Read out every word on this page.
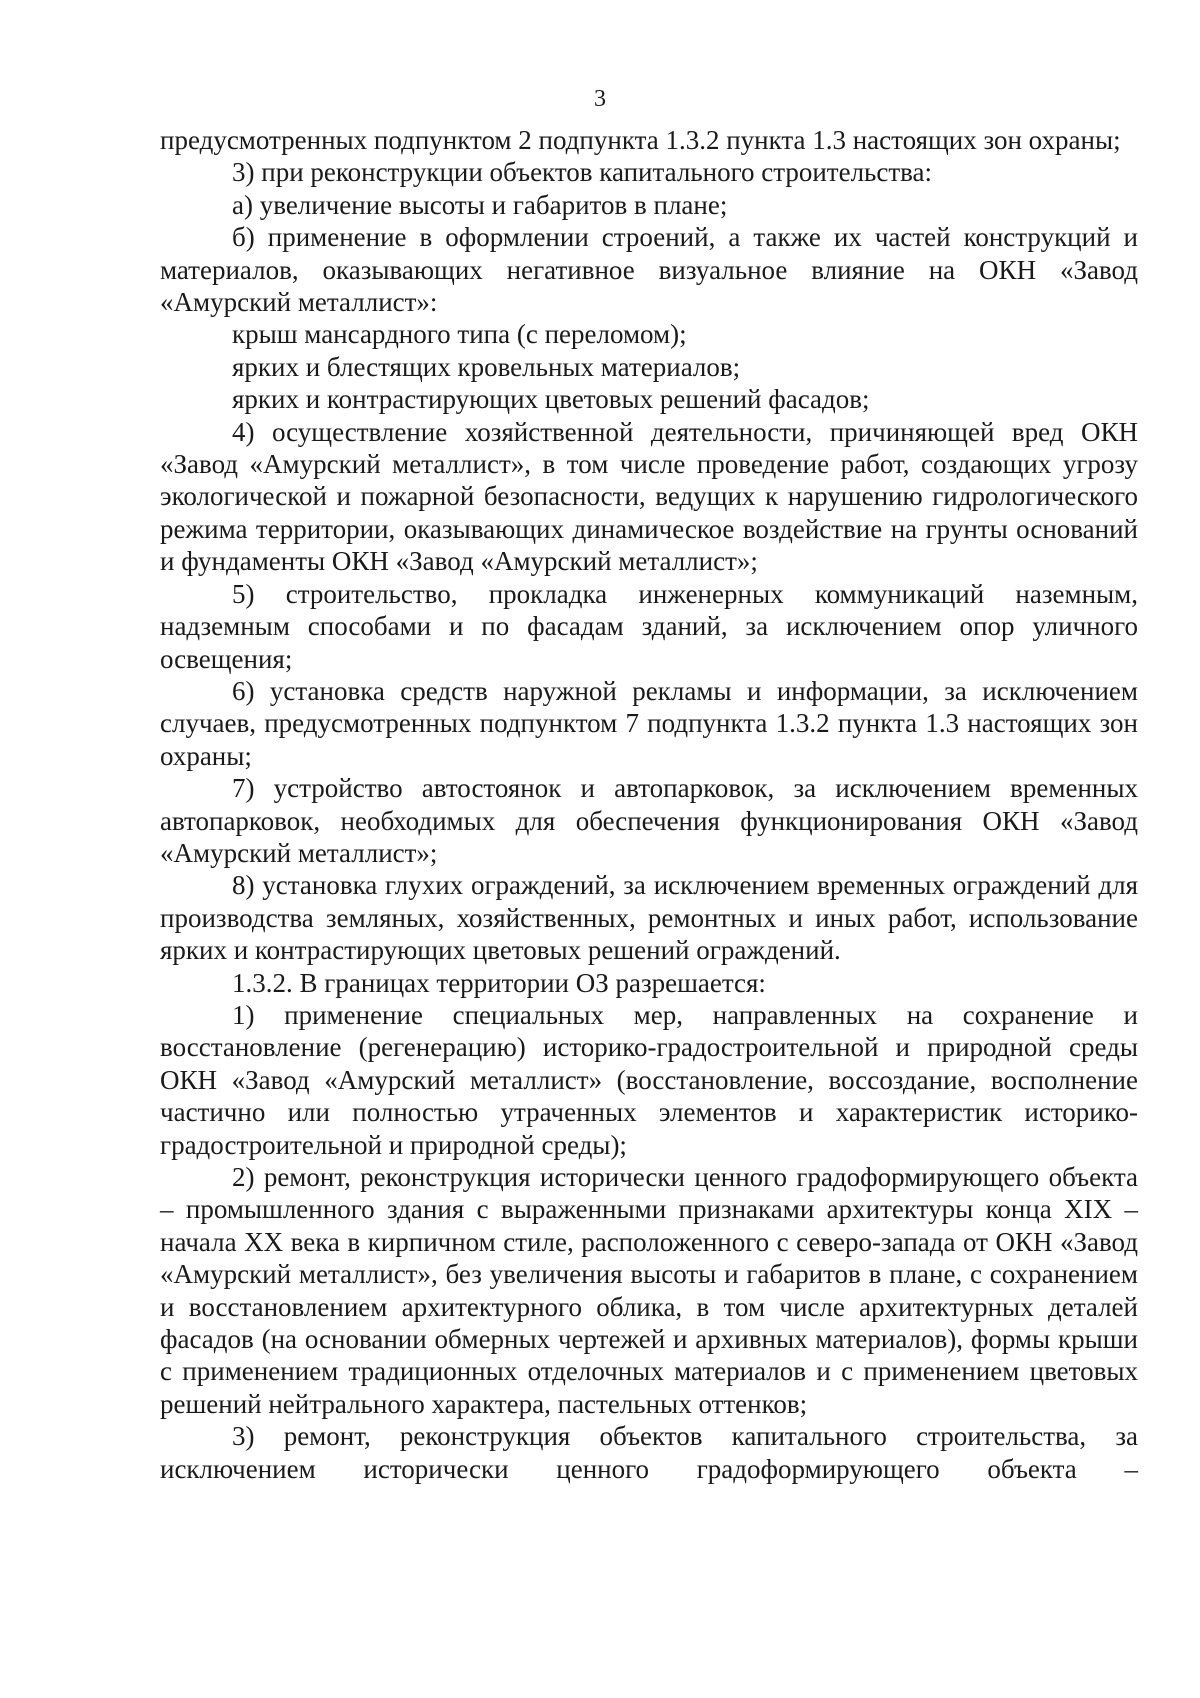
3

предусмотренных подпунктом 2 подпункта 1.3.2 пункта 1.3 настоящих зон охраны;

3) при реконструкции объектов капитального строительства:

а) увеличение высоты и габаритов в плане;

б) применение в оформлении строений, а также их частей конструкций и материалов, оказывающих негативное визуальное влияние на ОКН «Завод «Амурский металлист»:

крыш мансардного типа (с переломом);

ярких и блестящих кровельных материалов;

ярких и контрастирующих цветовых решений фасадов;

4) осуществление хозяйственной деятельности, причиняющей вред ОКН «Завод «Амурский металлист», в том числе проведение работ, создающих угрозу экологической и пожарной безопасности, ведущих к нарушению гидрологического режима территории, оказывающих динамическое воздействие на грунты оснований и фундаменты ОКН «Завод «Амурский металлист»;

5) строительство, прокладка инженерных коммуникаций наземным, надземным способами и по фасадам зданий, за исключением опор уличного освещения;

6) установка средств наружной рекламы и информации, за исключением случаев, предусмотренных подпунктом 7 подпункта 1.3.2 пункта 1.3 настоящих зон охраны;

7) устройство автостоянок и автопарковок, за исключением временных автопарковок, необходимых для обеспечения функционирования ОКН «Завод «Амурский металлист»;

8) установка глухих ограждений, за исключением временных ограждений для производства земляных, хозяйственных, ремонтных и иных работ, использование ярких и контрастирующих цветовых решений ограждений.

1.3.2. В границах территории ОЗ разрешается:

1) применение специальных мер, направленных на сохранение и восстановление (регенерацию) историко-градостроительной и природной среды ОКН «Завод «Амурский металлист» (восстановление, воссоздание, восполнение частично или полностью утраченных элементов и характеристик историко-градостроительной и природной среды);

2) ремонт, реконструкция исторически ценного градоформирующего объекта – промышленного здания с выраженными признаками архитектуры конца XIX – начала XX века в кирпичном стиле, расположенного с северо-запада от ОКН «Завод «Амурский металлист», без увеличения высоты и габаритов в плане, с сохранением и восстановлением архитектурного облика, в том числе архитектурных деталей фасадов (на основании обмерных чертежей и архивных материалов), формы крыши с применением традиционных отделочных материалов и с применением цветовых решений нейтрального характера, пастельных оттенков;

3) ремонт, реконструкция объектов капитального строительства, за исключением исторически ценного градоформирующего объекта –
